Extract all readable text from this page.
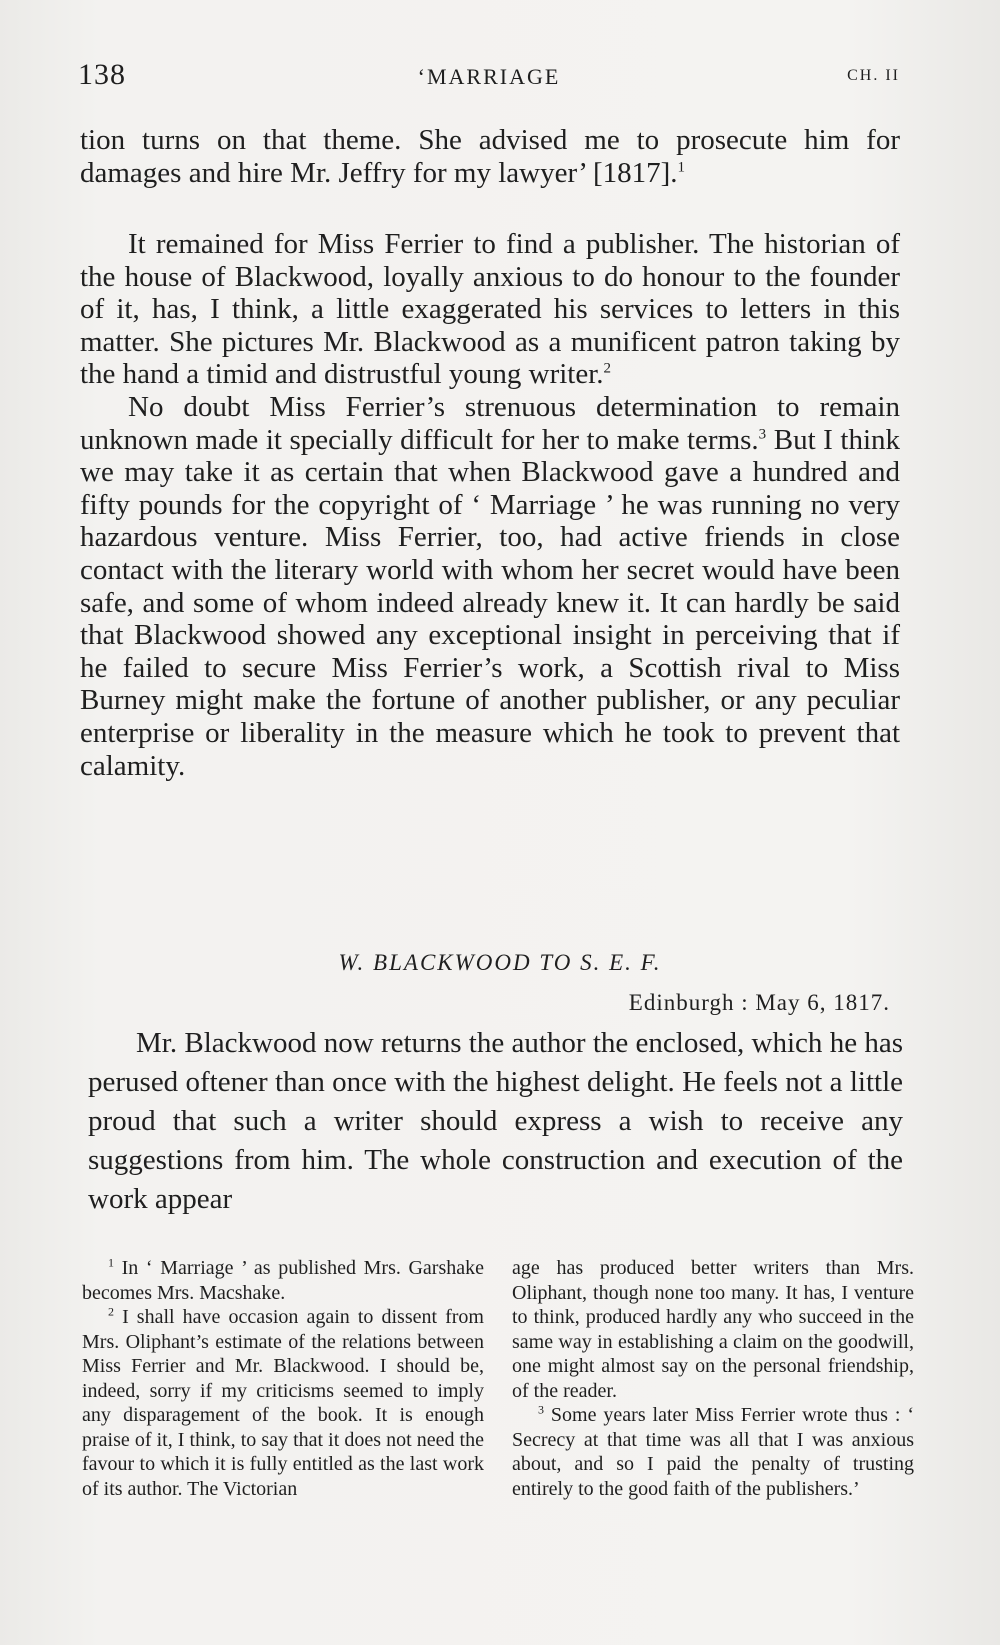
138	‘MARRIAGE	CH. II

tion turns on that theme. She advised me to prosecute him for damages and hire Mr. Jeffry for my lawyer’ [1817].$^1$

It remained for Miss Ferrier to find a publisher. The historian of the house of Blackwood, loyally anxious to do honour to the founder of it, has, I think, a little exaggerated his services to letters in this matter. She pictures Mr. Blackwood as a munificent patron taking by the hand a timid and distrustful young writer.$^2$

No doubt Miss Ferrier’s strenuous determination to remain unknown made it specially difficult for her to make terms.$^3$ But I think we may take it as certain that when Blackwood gave a hundred and fifty pounds for the copyright of ‘ Marriage ’ he was running no very hazardous venture. Miss Ferrier, too, had active friends in close contact with the literary world with whom her secret would have been safe, and some of whom indeed already knew it. It can hardly be said that Blackwood showed any exceptional insight in perceiving that if he failed to secure Miss Ferrier’s work, a Scottish rival to Miss Burney might make the fortune of another publisher, or any peculiar enterprise or liberality in the measure which he took to prevent that calamity.

W. BLACKWOOD TO S. E. F.
Edinburgh : May 6, 1817.

Mr. Blackwood now returns the author the enclosed, which he has perused oftener than once with the highest delight. He feels not a little proud that such a writer should express a wish to receive any suggestions from him. The whole construction and execution of the work appear

$^1$ In ‘ Marriage ’ as published Mrs. Garshake becomes Mrs. Macshake.

$^2$ I shall have occasion again to dissent from Mrs. Oliphant’s estimate of the relations between Miss Ferrier and Mr. Blackwood. I should be, indeed, sorry if my criticisms seemed to imply any disparagement of the book. It is enough praise of it, I think, to say that it does not need the favour to which it is fully entitled as the last work of its author. The Victorian

age has produced better writers than Mrs. Oliphant, though none too many. It has, I venture to think, produced hardly any who succeed in the same way in establishing a claim on the goodwill, one might almost say on the personal friendship, of the reader.

$^3$ Some years later Miss Ferrier wrote thus : ‘ Secrecy at that time was all that I was anxious about, and so I paid the penalty of trusting entirely to the good faith of the publishers.’
